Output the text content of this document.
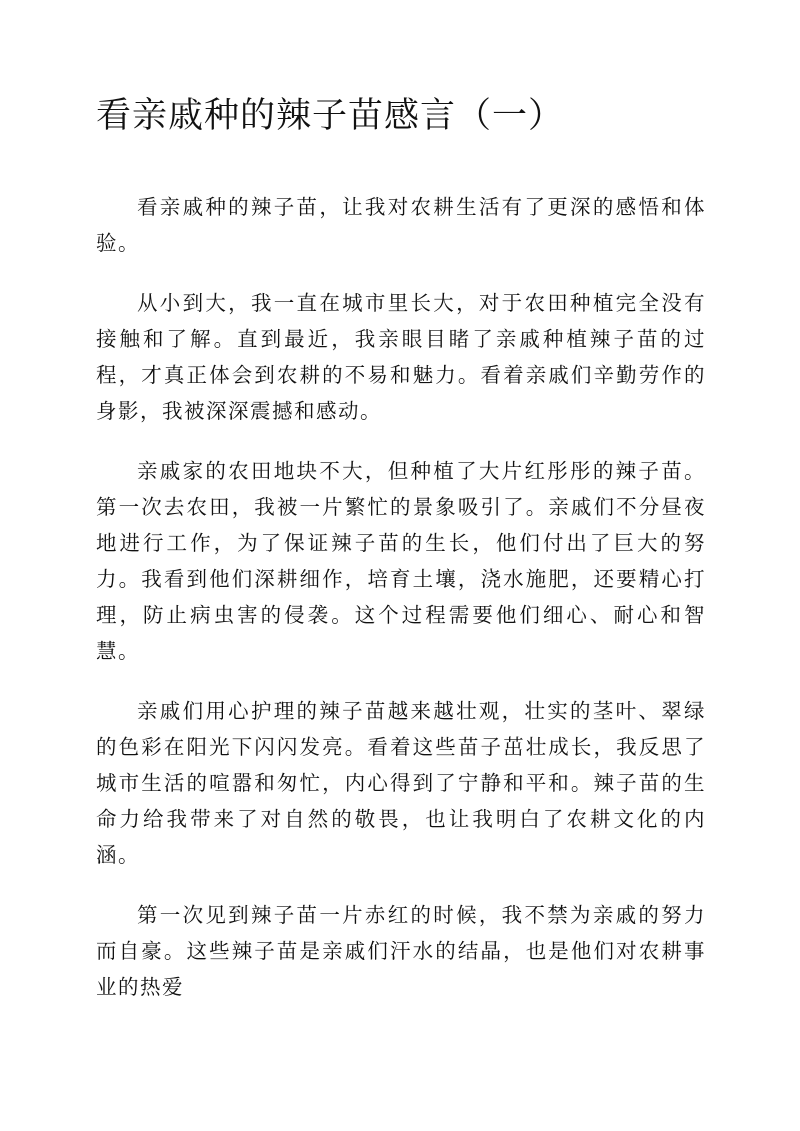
看亲戚种的辣子苗感言（一）

看亲戚种的辣子苗，让我对农耕生活有了更深的感悟和体验。

从小到大，我一直在城市里长大，对于农田种植完全没有接触和了解。直到最近，我亲眼目睹了亲戚种植辣子苗的过程，才真正体会到农耕的不易和魅力。看着亲戚们辛勤劳作的身影，我被深深震撼和感动。

亲戚家的农田地块不大，但种植了大片红彤彤的辣子苗。第一次去农田，我被一片繁忙的景象吸引了。亲戚们不分昼夜地进行工作，为了保证辣子苗的生长，他们付出了巨大的努力。我看到他们深耕细作，培育土壤，浇水施肥，还要精心打理，防止病虫害的侵袭。这个过程需要他们细心、耐心和智慧。

亲戚们用心护理的辣子苗越来越壮观，壮实的茎叶、翠绿的色彩在阳光下闪闪发亮。看着这些苗子茁壮成长，我反思了城市生活的喧嚣和匆忙，内心得到了宁静和平和。辣子苗的生命力给我带来了对自然的敬畏，也让我明白了农耕文化的内涵。

第一次见到辣子苗一片赤红的时候，我不禁为亲戚的努力而自豪。这些辣子苗是亲戚们汗水的结晶，也是他们对农耕事业的热爱
